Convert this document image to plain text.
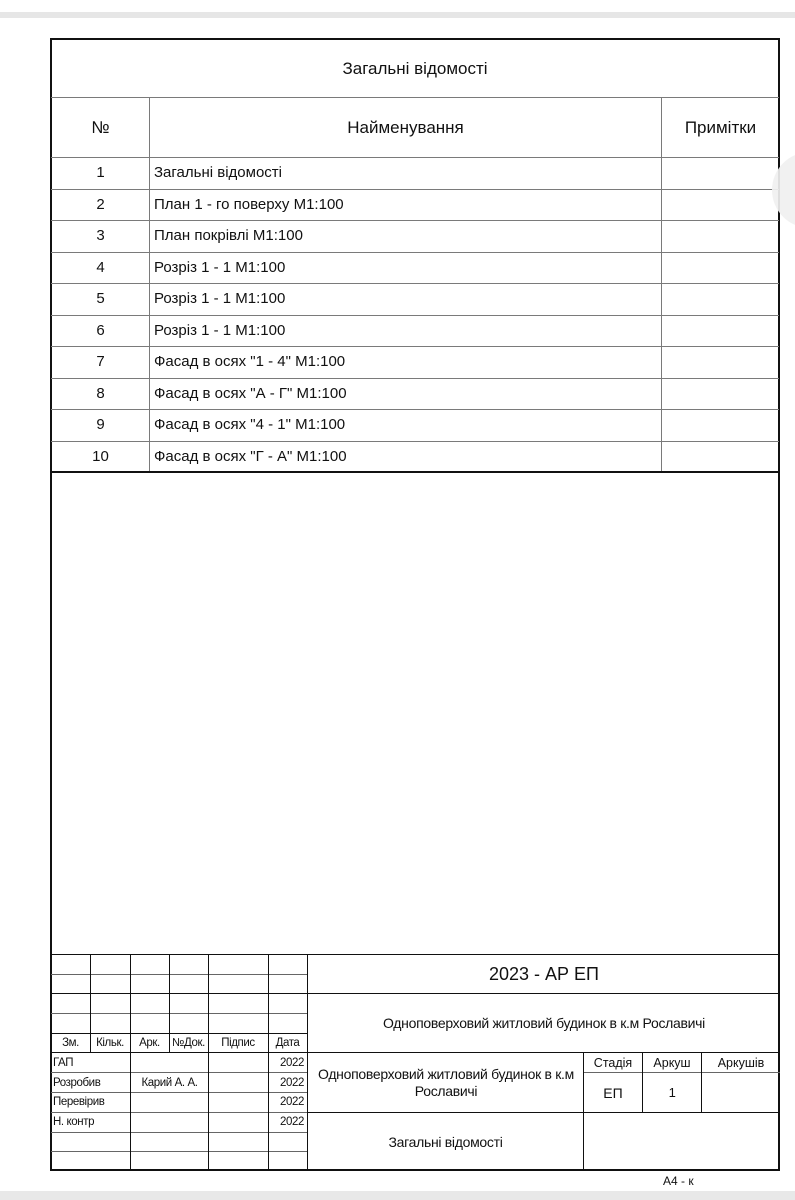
Загальні відомості
№	Найменування	Примітки
1	Загальні відомості
2	План 1 - го поверху М1:100
3	План покрівлі М1:100
4	Розріз 1 - 1 М1:100
5	Розріз 1 - 1 М1:100
6	Розріз 1 - 1 М1:100
7	Фасад в осях "1 - 4" М1:100
8	Фасад в осях "А - Г" М1:100
9	Фасад в осях "4 - 1" М1:100
10	Фасад в осях "Г - А" М1:100
Зм.	Кільк.	Арк.	№Док.	Підпис	Дата
ГАП	2022
Розробив	Карий А. А.	2022
Перевірив	2022
Н. контр	2022
2023 - АР ЕП
Одноповерховий житловий будинок в к.м Рославичі
Одноповерховий житловий будинок в к.м Рославичі
Загальні відомості
Стадія	Аркуш	Аркушів
ЕП	1
А4 - к
